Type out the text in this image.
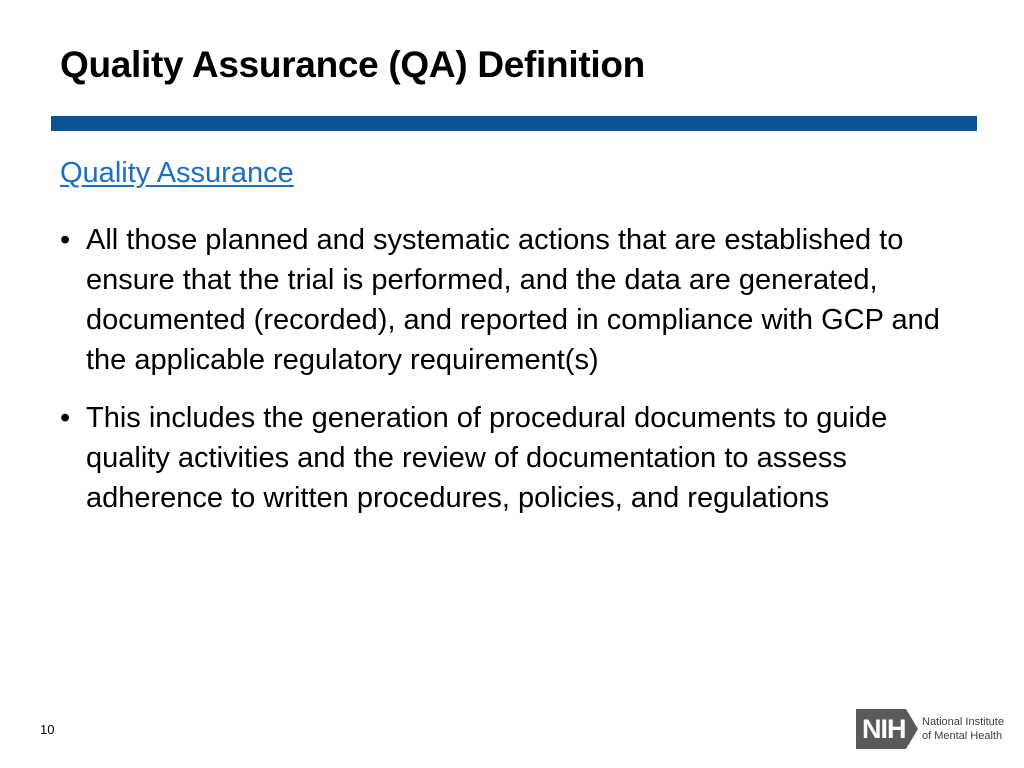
Quality Assurance (QA) Definition
Quality Assurance
• All those planned and systematic actions that are established to ensure that the trial is performed, and the data are generated, documented (recorded), and reported in compliance with GCP and the applicable regulatory requirement(s)
• This includes the generation of procedural documents to guide quality activities and the review of documentation to assess adherence to written procedures, policies, and regulations
10	NIH National Institute
of Mental Health
